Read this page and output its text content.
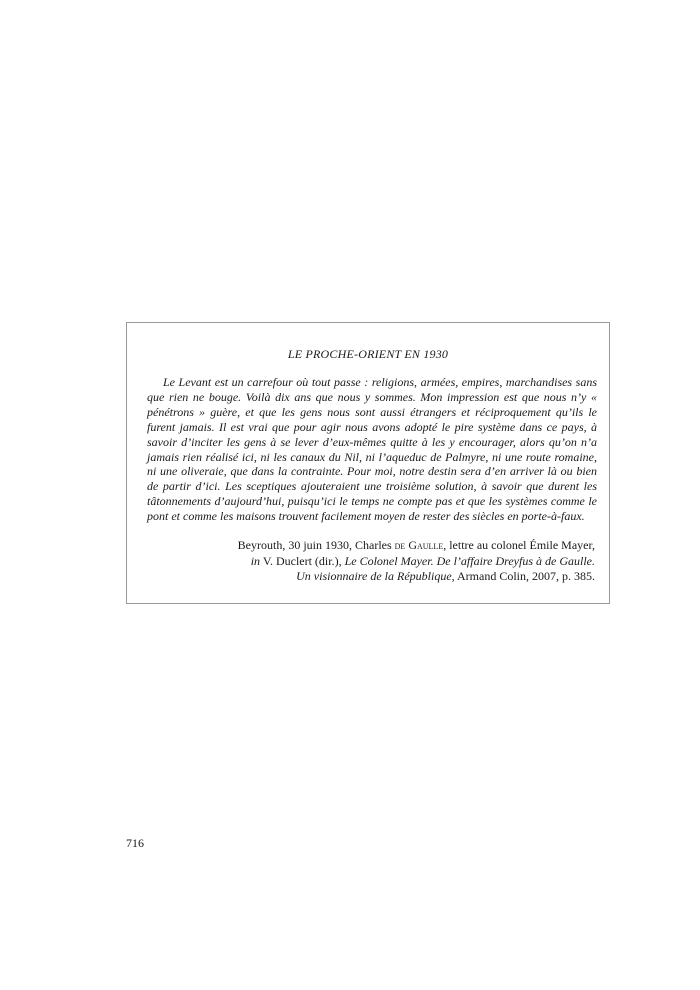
LE PROCHE-ORIENT EN 1930

Le Levant est un carrefour où tout passe : religions, armées, empires, marchandises sans que rien ne bouge. Voilà dix ans que nous y sommes. Mon impression est que nous n’y « pénétrons » guère, et que les gens nous sont aussi étrangers et réciproquement qu’ils le furent jamais. Il est vrai que pour agir nous avons adopté le pire système dans ce pays, à savoir d’inciter les gens à se lever d’eux-mêmes quitte à les y encourager, alors qu’on n’a jamais rien réalisé ici, ni les canaux du Nil, ni l’aqueduc de Palmyre, ni une route romaine, ni une oliveraie, que dans la contrainte. Pour moi, notre destin sera d’en arriver là ou bien de partir d’ici. Les sceptiques ajouteraient une troisième solution, à savoir que durent les tâtonnements d’aujourd’hui, puisqu’ici le temps ne compte pas et que les systèmes comme le pont et comme les maisons trouvent facilement moyen de rester des siècles en porte-à-faux.

Beyrouth, 30 juin 1930, Charles de Gaulle, lettre au colonel Émile Mayer,
in V. Duclert (dir.), Le Colonel Mayer. De l’affaire Dreyfus à de Gaulle.
Un visionnaire de la République, Armand Colin, 2007, p. 385.

716
